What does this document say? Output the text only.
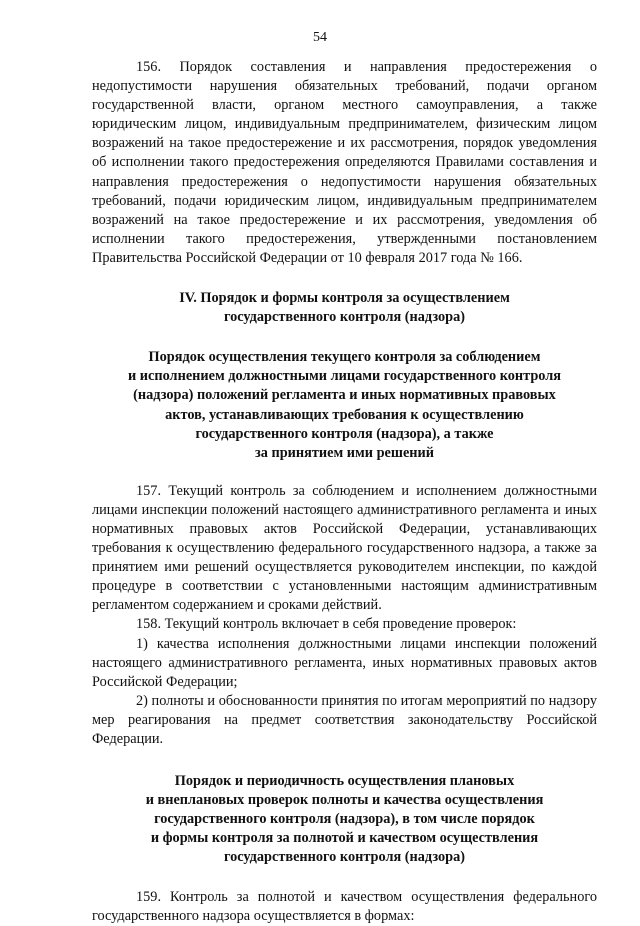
54

156. Порядок составления и направления предостережения о недопустимости нарушения обязательных требований, подачи органом государственной власти, органом местного самоуправления, а также юридическим лицом, индивидуальным предпринимателем, физическим лицом возражений на такое предостережение и их рассмотрения, порядок уведомления об исполнении такого предостережения определяются Правилами составления и направления предостережения о недопустимости нарушения обязательных требований, подачи юридическим лицом, индивидуальным предпринимателем возражений на такое предостережение и их рассмотрения, уведомления об исполнении такого предостережения, утвержденными постановлением Правительства Российской Федерации от 10 февраля 2017 года № 166.

IV. Порядок и формы контроля за осуществлением
государственного контроля (надзора)
Порядок осуществления текущего контроля за соблюдением
и исполнением должностными лицами государственного контроля
(надзора) положений регламента и иных нормативных правовых
актов, устанавливающих требования к осуществлению
государственного контроля (надзора), а также
за принятием ими решений

157. Текущий контроль за соблюдением и исполнением должностными лицами инспекции положений настоящего административного регламента и иных нормативных правовых актов Российской Федерации, устанавливающих требования к осуществлению федерального государственного надзора, а также за принятием ими решений осуществляется руководителем инспекции, по каждой процедуре в соответствии с установленными настоящим административным регламентом содержанием и сроками действий.

158. Текущий контроль включает в себя проведение проверок:

1) качества исполнения должностными лицами инспекции положений настоящего административного регламента, иных нормативных правовых актов Российской Федерации;

2) полноты и обоснованности принятия по итогам мероприятий по надзору мер реагирования на предмет соответствия законодательству Российской Федерации.

Порядок и периодичность осуществления плановых
и внеплановых проверок полноты и качества осуществления
государственного контроля (надзора), в том числе порядок
и формы контроля за полнотой и качеством осуществления
государственного контроля (надзора)

159. Контроль за полнотой и качеством осуществления федерального государственного надзора осуществляется в формах:
